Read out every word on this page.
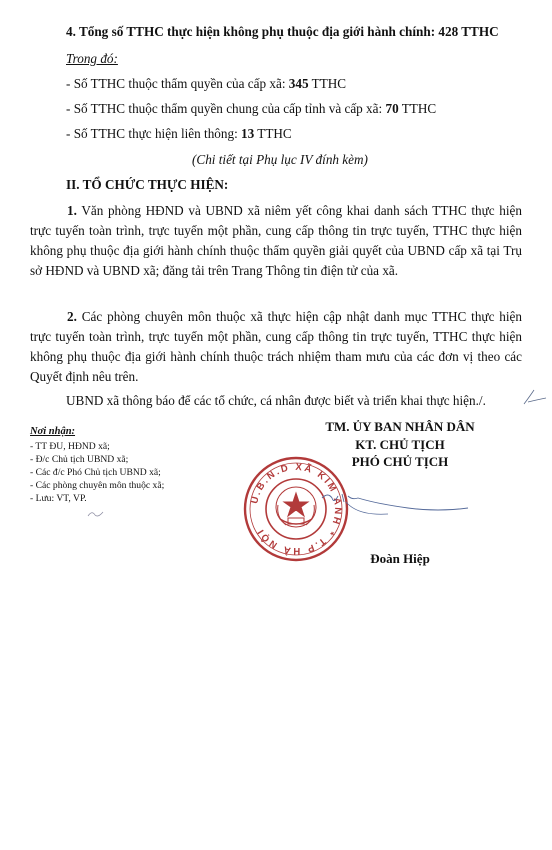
4. Tổng số TTHC thực hiện không phụ thuộc địa giới hành chính: 428 TTHC
Trong đó:
- Số TTHC thuộc thẩm quyền của cấp xã: 345 TTHC
- Số TTHC thuộc thẩm quyền chung của cấp tỉnh và cấp xã: 70 TTHC
- Số TTHC thực hiện liên thông: 13 TTHC
(Chi tiết tại Phụ lục IV đính kèm)
II. TỔ CHỨC THỰC HIỆN:
1. Văn phòng HĐND và UBND xã niêm yết công khai danh sách TTHC thực hiện trực tuyến toàn trình, trực tuyến một phần, cung cấp thông tin trực tuyến, TTHC thực hiện không phụ thuộc địa giới hành chính thuộc thẩm quyền giải quyết của UBND cấp xã tại Trụ sở HĐND và UBND xã; đăng tải trên Trang Thông tin điện tử của xã.
2. Các phòng chuyên môn thuộc xã thực hiện cập nhật danh mục TTHC thực hiện trực tuyến toàn trình, trực tuyến một phần, cung cấp thông tin trực tuyến, TTHC thực hiện không phụ thuộc địa giới hành chính thuộc trách nhiệm tham mưu của các đơn vị theo các Quyết định nêu trên.
UBND xã thông báo để các tổ chức, cá nhân được biết và triển khai thực hiện./.
Nơi nhận:
- TT ĐU, HĐND xã;
- Đ/c Chủ tịch UBND xã;
- Các đ/c Phó Chủ tịch UBND xã;
- Các phòng chuyên môn thuộc xã;
- Lưu: VT, VP.
TM. ỦY BAN NHÂN DÂN
KT. CHỦ TỊCH
PHÓ CHỦ TỊCH
U.B.N.D XÃ KIM ANH * T.P HÀ NỘI
Đoàn Hiệp
